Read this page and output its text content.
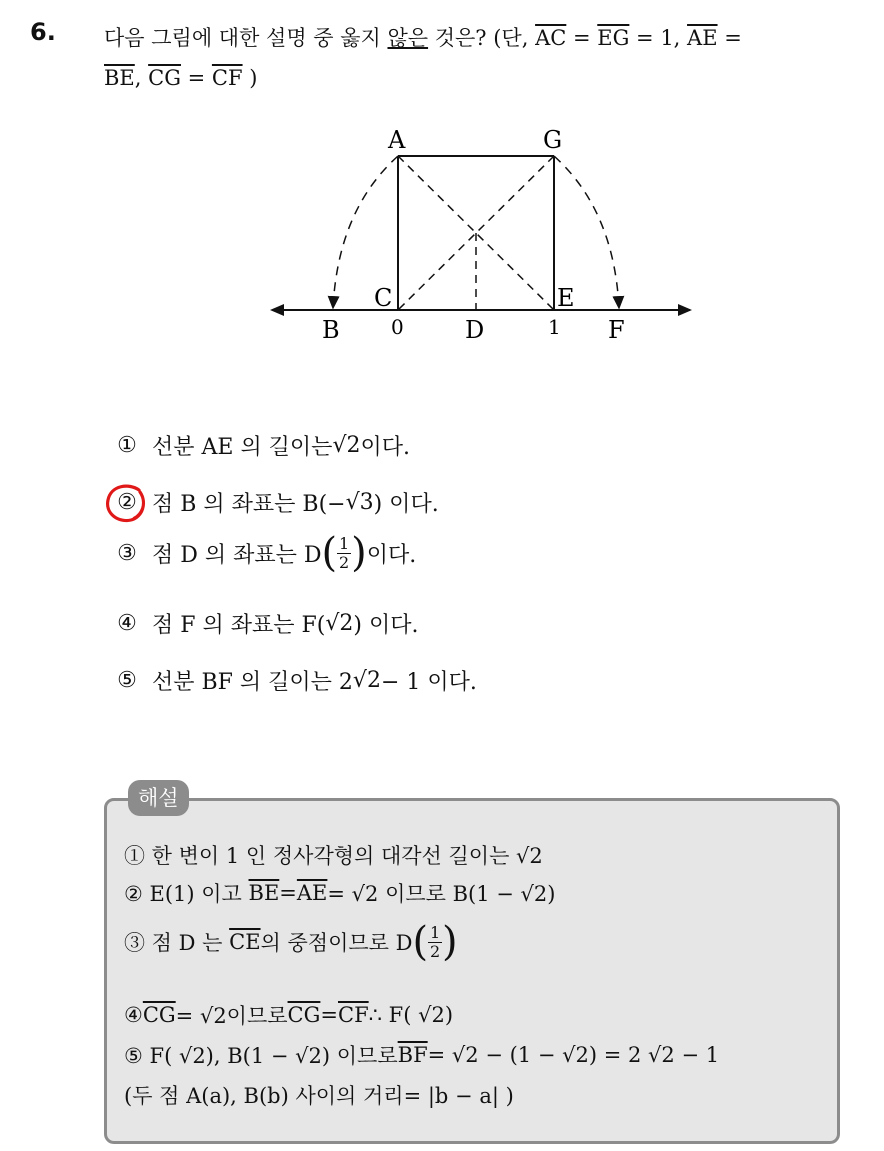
6. 다음 그림에 대한 설명 중 옳지 않은 것은? (단, $\overline{AC} = \overline{EG} = 1$, $\overline{AE}$ =
$\overline{BE}$, $\overline{CG} = \overline{CF}$ )
A	G
C	E
B	D	F
0	1
① 선분 AE 의 길이는 √2 이다.
② 점 B 의 좌표는 B(− √3 ) 이다.
③ 점 D 의 좌표는 D ( $\frac{1}{2}$ ) 이다.
④ 점 F 의 좌표는 F( √2 ) 이다.
⑤ 선분 BF 의 길이는 2 √2 − 1 이다.
해설
① 한 변이 1 인 정사각형의 대각선 길이는 √2
② E(1) 이고
$\overline{BE} = \overline{AE} = √2$ 이므로 B(1 − √2)
③ 점 D 는
$\overline{CE}$ 의 중점이므로 D ( $\frac{1}{2}$ )
④ $\overline{CG} = √2$이므로 $\overline{CG} = \overline{CF}$ ∴ F( √2)
⑤ F( √2), B(1 − √2) 이므로 $\overline{BF} = √2 - (1 - √2) = 2$ √2 − 1
(두 점 A(a), B(b) 사이의 거리= |b − a| )
